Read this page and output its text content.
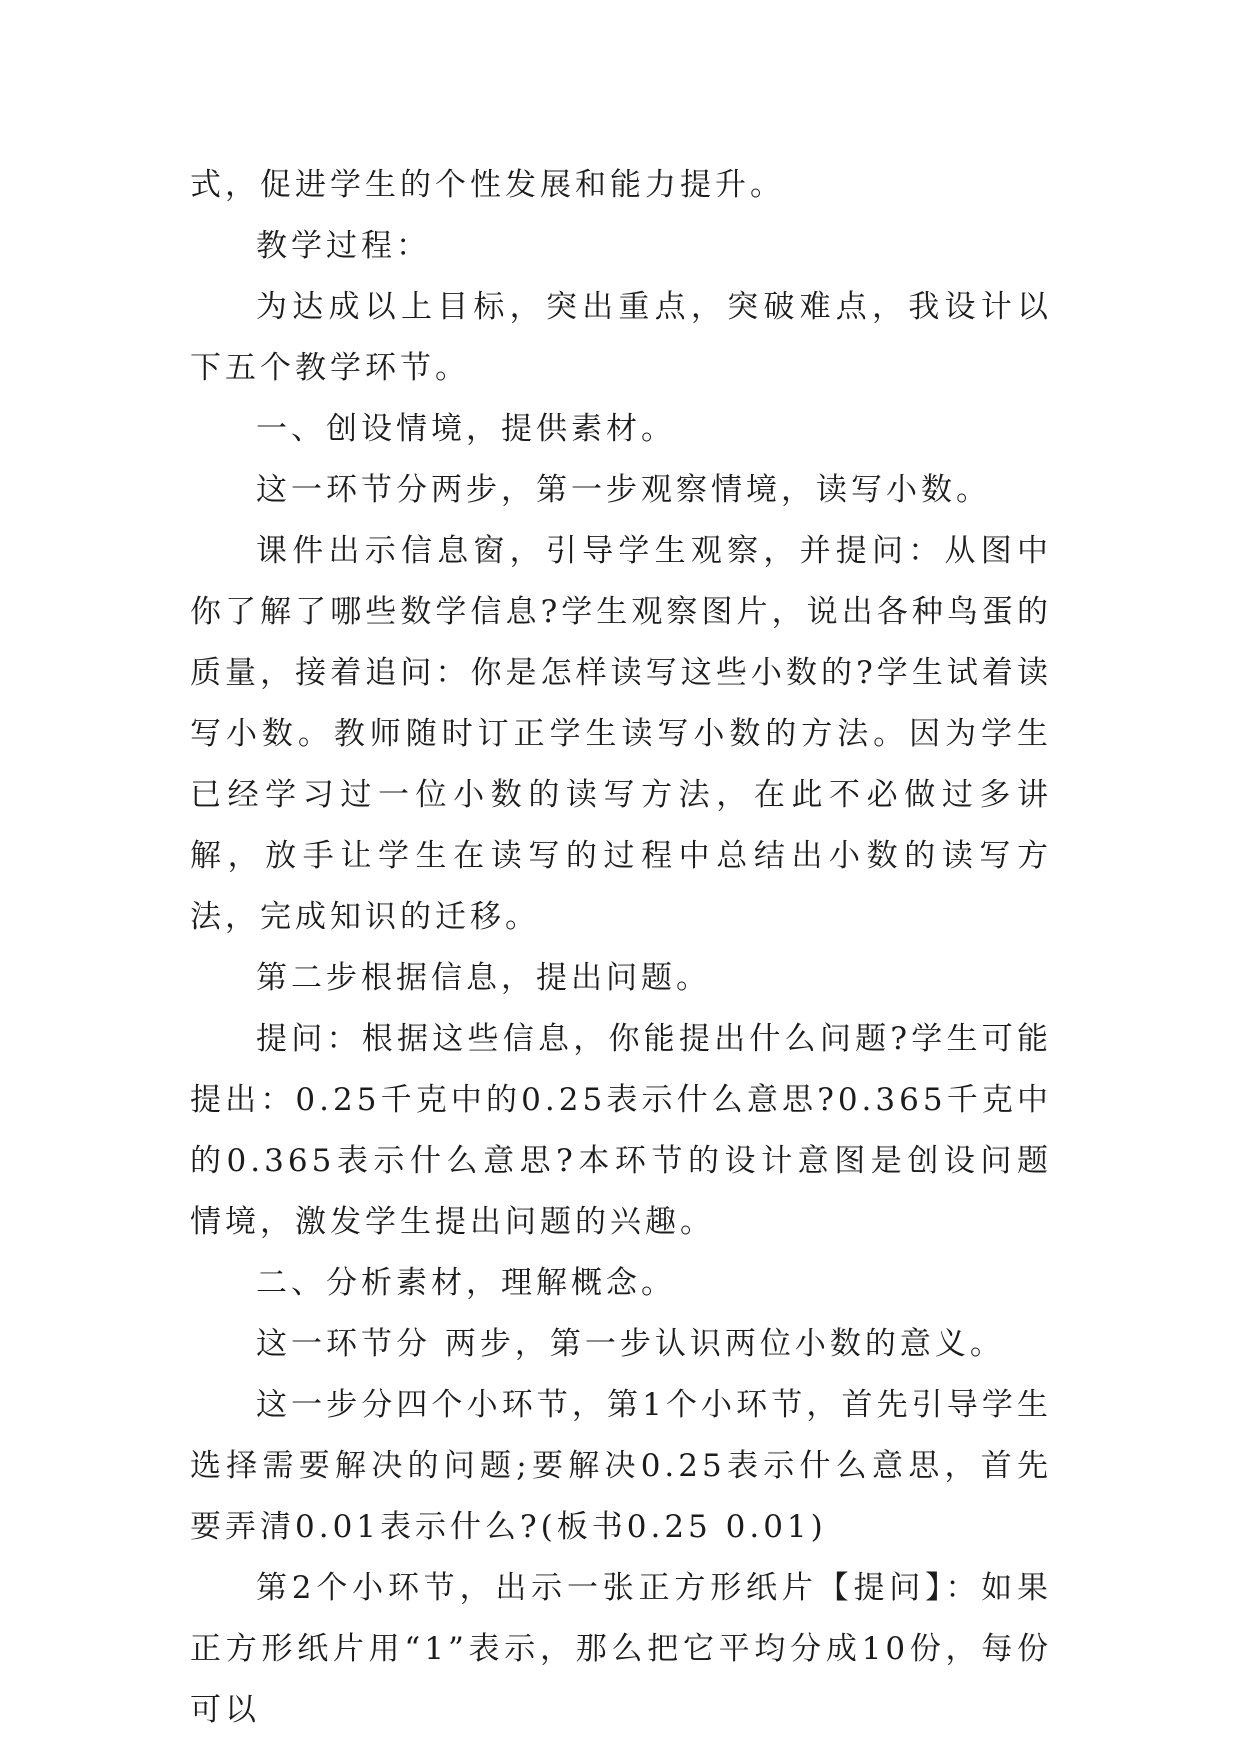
式，促进学生的个性发展和能力提升。

教学过程：

为达成以上目标，突出重点，突破难点，我设计以下五个教学环节。

一、创设情境，提供素材。

这一环节分两步，第一步观察情境，读写小数。

课件出示信息窗，引导学生观察，并提问：从图中你了解了哪些数学信息?学生观察图片，说出各种鸟蛋的质量，接着追问：你是怎样读写这些小数的?学生试着读写小数。教师随时订正学生读写小数的方法。因为学生已经学习过一位小数的读写方法，在此不必做过多讲解，放手让学生在读写的过程中总结出小数的读写方法，完成知识的迁移。

第二步根据信息，提出问题。

提问：根据这些信息，你能提出什么问题?学生可能提出：0.25千克中的0.25表示什么意思?0.365千克中的0.365表示什么意思?本环节的设计意图是创设问题情境，激发学生提出问题的兴趣。

二、分析素材，理解概念。

这一环节分 两步，第一步认识两位小数的意义。

这一步分四个小环节，第1个小环节，首先引导学生选择需要解决的问题;要解决0.25表示什么意思，首先要弄清0.01表示什么?(板书0.25 0.01)

第2个小环节，出示一张正方形纸片【提问】：如果正方形纸片用“1”表示，那么把它平均分成10份，每份可以
